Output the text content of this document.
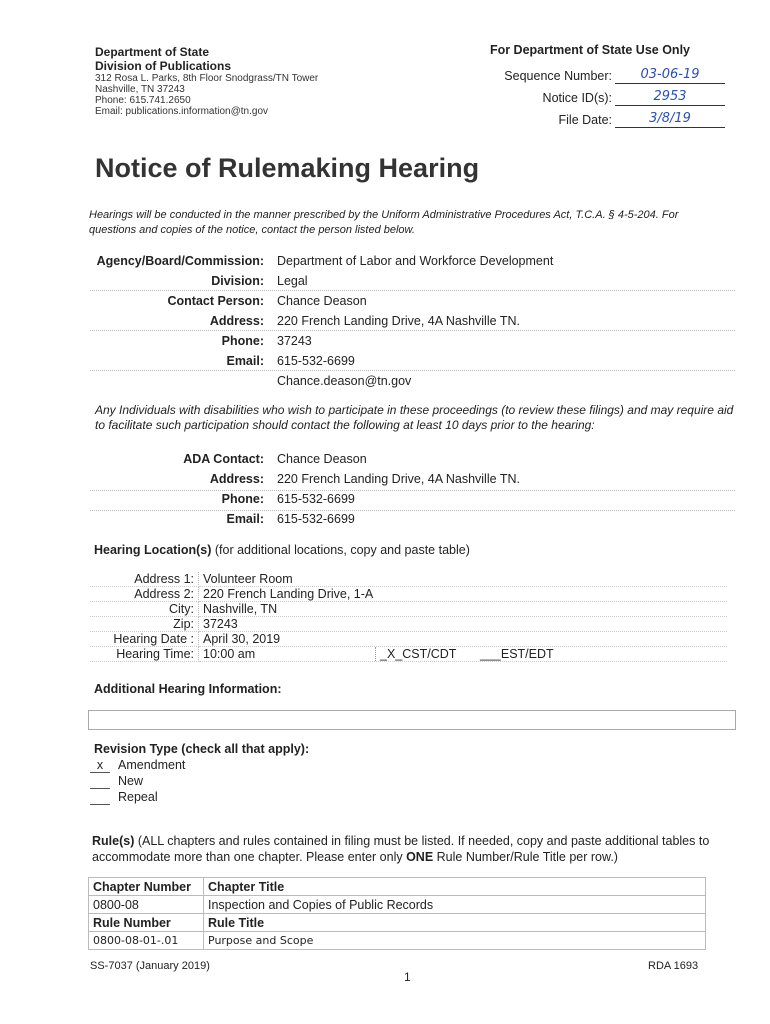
Department of State
Division of Publications
312 Rosa L. Parks, 8th Floor Snodgrass/TN Tower
Nashville, TN 37243
Phone: 615.741.2650
Email: publications.information@tn.gov
For Department of State Use Only
Sequence Number:	03-06-19
Notice ID(s):	2953
File Date:	3/8/19
Notice of Rulemaking Hearing
Hearings will be conducted in the manner prescribed by the Uniform Administrative Procedures Act, T.C.A. § 4-5-204. For questions and copies of the notice, contact the person listed below.
Agency/Board/Commission: Department of Labor and Workforce Development
Division: Legal
Contact Person: Chance Deason
Address: 220 French Landing Drive, 4A Nashville TN.
Phone: 37243
Email: 615-532-6699
Chance.deason@tn.gov
Any Individuals with disabilities who wish to participate in these proceedings (to review these filings) and may require aid to facilitate such participation should contact the following at least 10 days prior to the hearing:
ADA Contact: Chance Deason
Address: 220 French Landing Drive, 4A Nashville TN.
Phone: 615-532-6699
Email: 615-532-6699
Hearing Location(s) (for additional locations, copy and paste table)
Address 1:	Volunteer Room
Address 2:	220 French Landing Drive, 1-A
City:	Nashville, TN
Zip:	37243
Hearing Date :	April 30, 2019
Hearing Time:	10:00 am _X_CST/CDT ___EST/EDT
Additional Hearing Information:
Revision Type (check all that apply):
x	Amendment
New
Repeal
Rule(s) (ALL chapters and rules contained in filing must be listed. If needed, copy and paste additional tables to accommodate more than one chapter. Please enter only ONE Rule Number/Rule Title per row.)
Chapter Number	Chapter Title
0800-08	Inspection and Copies of Public Records
Rule Number	Rule Title
0800-08-01-.01	Purpose and Scope
SS-7037 (January 2019)
1
RDA 1693
